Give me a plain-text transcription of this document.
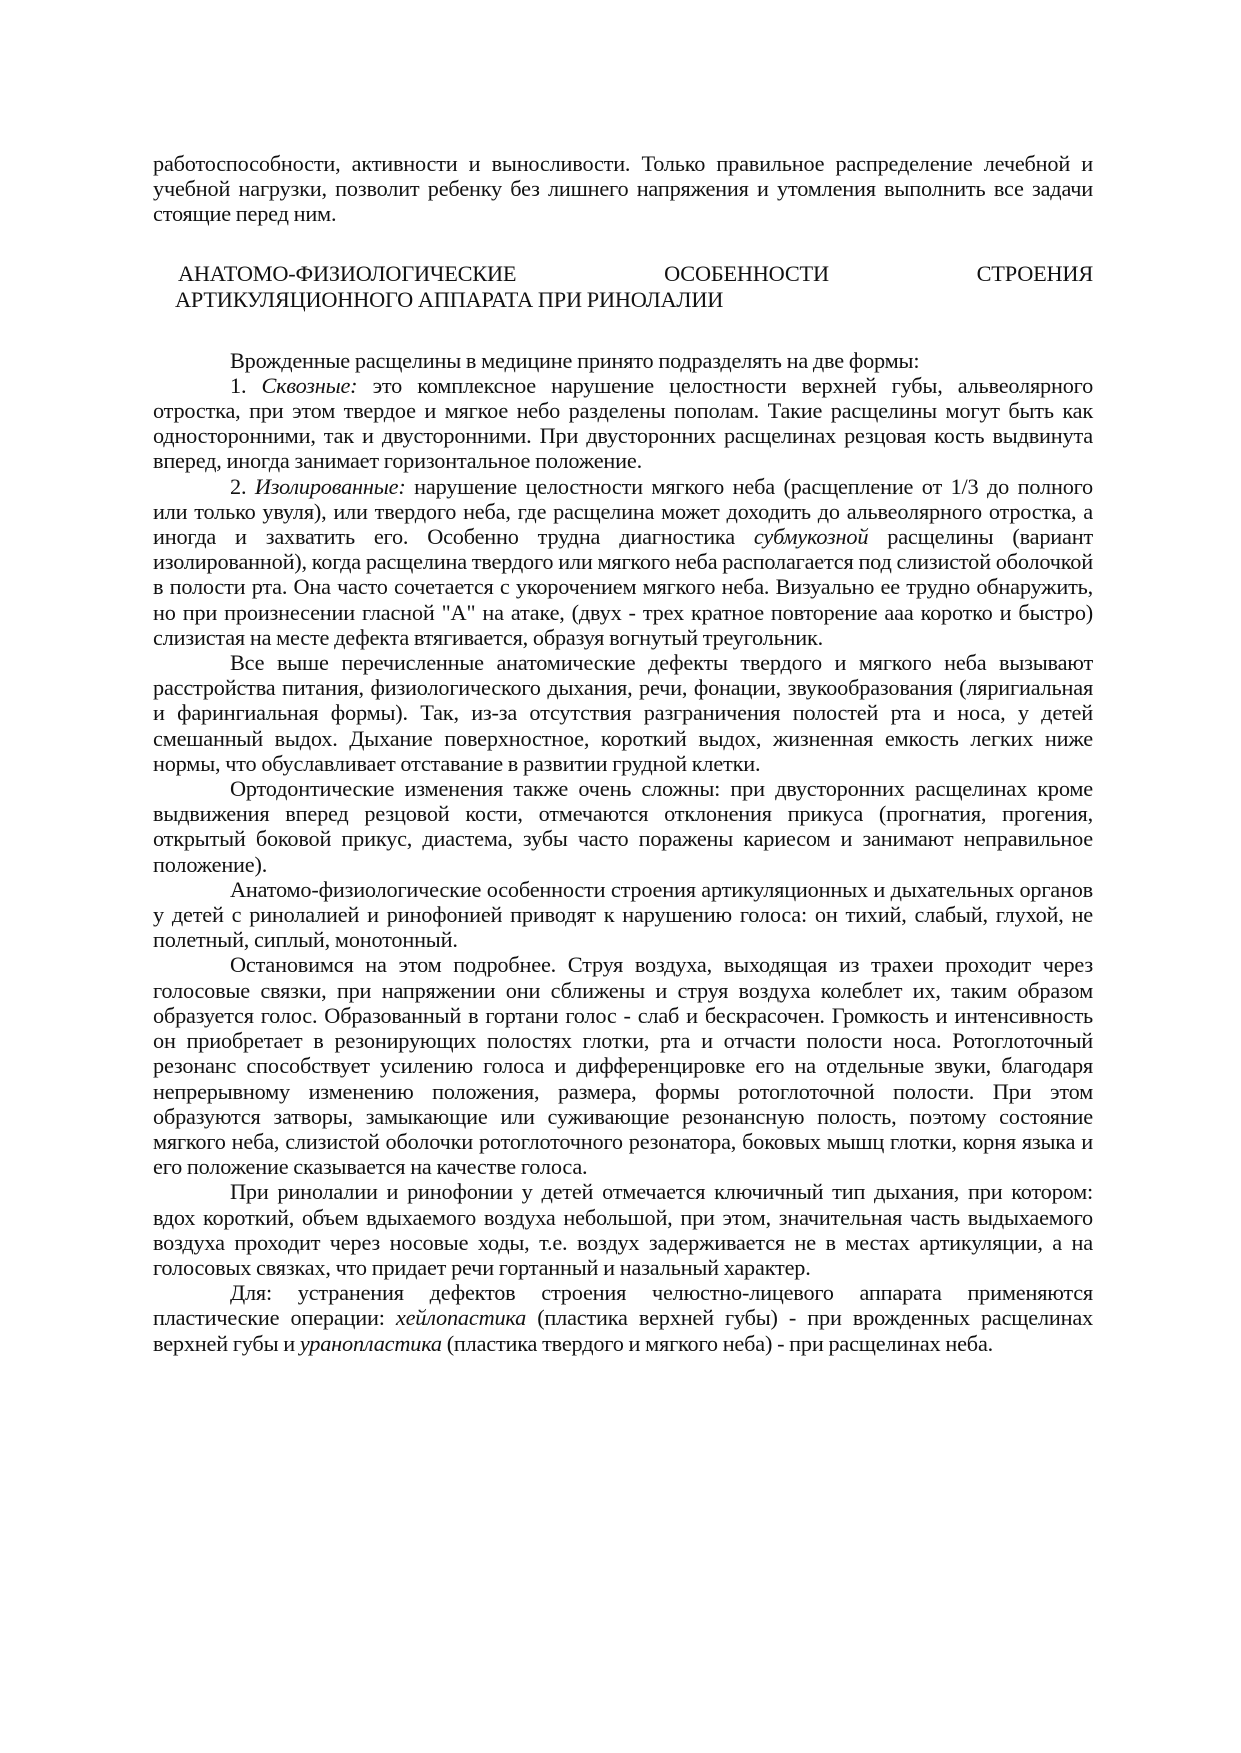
работоспособности, активности и выносливости. Только правильное распределение лечебной и учебной нагрузки, позволит ребенку без лишнего напряжения и утомления выполнить все задачи стоящие перед ним.

АНАТОМО-ФИЗИОЛОГИЧЕСКИЕ ОСОБЕННОСТИ СТРОЕНИЯ
АРТИКУЛЯЦИОННОГО АППАРАТА ПРИ РИНОЛАЛИИ

Врожденные расщелины в медицине принято подразделять на две формы:

1. Сквозные: это комплексное нарушение целостности верхней губы, альвеолярного отростка, при этом твердое и мягкое небо разделены пополам. Такие расщелины могут быть как односторонними, так и двусторонними. При двусторонних расщелинах резцовая кость выдвинута вперед, иногда занимает горизонтальное положение.

2. Изолированные: нарушение целостности мягкого неба (расщепление от 1/3 до полного или только увуля), или твердого неба, где расщелина может доходить до альвеолярного отростка, а иногда и захватить его. Особенно трудна диагностика субмукозной расщелины (вариант изолированной), когда расщелина твердого или мягкого неба располагается под слизистой оболочкой в полости рта. Она часто сочетается с укорочением мягкого неба. Визуально ее трудно обнаружить, но при произнесении гласной "А" на атаке, (двух - трех кратное повторение ааа коротко и быстро) слизистая на месте дефекта втягивается, образуя вогнутый треугольник.

Все выше перечисленные анатомические дефекты твердого и мягкого неба вызывают расстройства питания, физиологического дыхания, речи, фонации, звукообразования (ляригиальная и фарингиальная формы). Так, из-за отсутствия разграничения полостей рта и носа, у детей смешанный выдох. Дыхание поверхностное, короткий выдох, жизненная емкость легких ниже нормы, что обуславливает отставание в развитии грудной клетки.

Ортодонтические изменения также очень сложны: при двусторонних расщелинах кроме выдвижения вперед резцовой кости, отмечаются отклонения прикуса (прогнатия, прогения, открытый боковой прикус, диастема, зубы часто поражены кариесом и занимают неправильное положение).

Анатомо-физиологические особенности строения артикуляционных и дыхательных органов у детей с ринолалией и ринофонией приводят к нарушению голоса: он тихий, слабый, глухой, не полетный, сиплый, монотонный.

Остановимся на этом подробнее. Струя воздуха, выходящая из трахеи проходит через голосовые связки, при напряжении они сближены и струя воздуха колеблет их, таким образом образуется голос. Образованный в гортани голос - слаб и бескрасочен. Громкость и интенсивность он приобретает в резонирующих полостях глотки, рта и отчасти полости носа. Ротоглоточный резонанс способствует усилению голоса и дифференцировке его на отдельные звуки, благодаря непрерывному изменению положения, размера, формы ротоглоточной полости. При этом образуются затворы, замыкающие или суживающие резонансную полость, поэтому состояние мягкого неба, слизистой оболочки ротоглоточного резонатора, боковых мышц глотки, корня языка и его положение сказывается на качестве голоса.

При ринолалии и ринофонии у детей отмечается ключичный тип дыхания, при котором: вдох короткий, объем вдыхаемого воздуха небольшой, при этом, значительная часть выдыхаемого воздуха проходит через носовые ходы, т.е. воздух задерживается не в местах артикуляции, а на голосовых связках, что придает речи гортанный и назальный характер.

Для: устранения дефектов строения челюстно-лицевого аппарата применяются пластические операции: хейлопастика (пластика верхней губы) - при врожденных расщелинах верхней губы и уранопластика (пластика твердого и мягкого неба) - при расщелинах неба.
